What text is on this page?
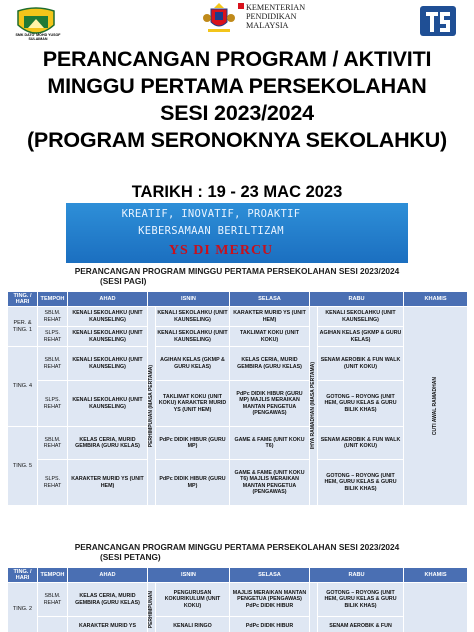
SMK DATO' MOHD YUSOF SULAIMAN
KEMENTERIAN
PENDIDIKAN
MALAYSIA
PERANCANGAN PROGRAM / AKTIVITI
MINGGU PERTAMA PERSEKOLAHAN
SESI 2023/2024
(PROGRAM SERONOKNYA SEKOLAHKU)
TARIKH : 19 - 23 MAC 2023
KREATIF, INOVATIF, PROAKTIF
KEBERSAMAAN BERILTIZAM
YS DI MERCU
PERANCANGAN PROGRAM MINGGU PERTAMA PERSEKOLAHAN SESI 2023/2024
(SESI PAGI)
TING. / HARI	TEMPOH	AHAD	ISNIN		SELASA	RABU		KHAMIS
PER. & TING. 1	SBLM. REHAT	KENALI SEKOLAHKU (UNIT KAUNSELING)	PERHIMPUNAN (MASA PERTAMA)	KENALI SEKOLAHKU (UNIT KAUNSELING)	KARAKTER MURID YS (UNIT HEM)	IHYA RAMADHAN (MASA PERTAMA)	KENALI SEKOLAHKU (UNIT KAUNSELING)	CUTI AWAL RAMADHAN

	SLPS. REHAT	KENALI SEKOLAHKU (UNIT KAUNSELING)		KENALI SEKOLAHKU (UNIT KAUNSELING)	TAKLIMAT KOKU (UNIT KOKU)		AGIHAN KELAS (GKMP & GURU KELAS)	
TING. 4	SBLM. REHAT	KENALI SEKOLAHKU (UNIT KAUNSELING)		AGIHAN KELAS (GKMP & GURU KELAS)	KELAS CERIA, MURID GEMBIRA (GURU KELAS)		SENAM AEROBIK & FUN WALK (UNIT KOKU)	
	SLPS. REHAT	KENALI SEKOLAHKU (UNIT KAUNSELING)		TAKLIMAT KOKU (UNIT KOKU) KARAKTER MURID YS (UNIT HEM)	PdPc DIDIK HIBUR (GURU MP) MAJLIS MERAIKAN MANTAN PENGETUA (PENGAWAS)		GOTONG – ROYONG (UNIT HEM, GURU KELAS & GURU BILIK KHAS)	
TING. 5	SBLM. REHAT	KELAS CERIA, MURID GEMBIRA (GURU KELAS)		PdPc DIDIK HIBUR (GURU MP)	GAME & FAME (UNIT KOKU T6)		SENAM AEROBIK & FUN WALK (UNIT KOKU)	
	SLPS. REHAT	KARAKTER MURID YS (UNIT HEM)		PdPc DIDIK HIBUR (GURU MP)	GAME & FAME (UNIT KOKU T6) MAJLIS MERAIKAN MANTAN PENGETUA (PENGAWAS)		GOTONG – ROYONG (UNIT HEM, GURU KELAS & GURU BILIK KHAS)	
PERANCANGAN PROGRAM MINGGU PERTAMA PERSEKOLAHAN SESI 2023/2024
(SESI PETANG)
TING. / HARI	TEMPOH	AHAD	ISNIN		SELASA	RABU		KHAMIS
TING. 2	SBLM. REHAT	KELAS CERIA, MURID GEMBIRA (GURU KELAS)	PERHIMPUNAN	PENGURUSAN KOKURIKULUM (UNIT KOKU)	MAJLIS MERAIKAN MANTAN PENGETUA (PENGAWAS) PdPc DIDIK HIBUR		GOTONG – ROYONG (UNIT HEM, GURU KELAS & GURU BILIK KHAS)	
		KARAKTER MURID YS		KENALI RINGO	PdPc DIDIK HIBUR		SENAM AEROBIK & FUN	
